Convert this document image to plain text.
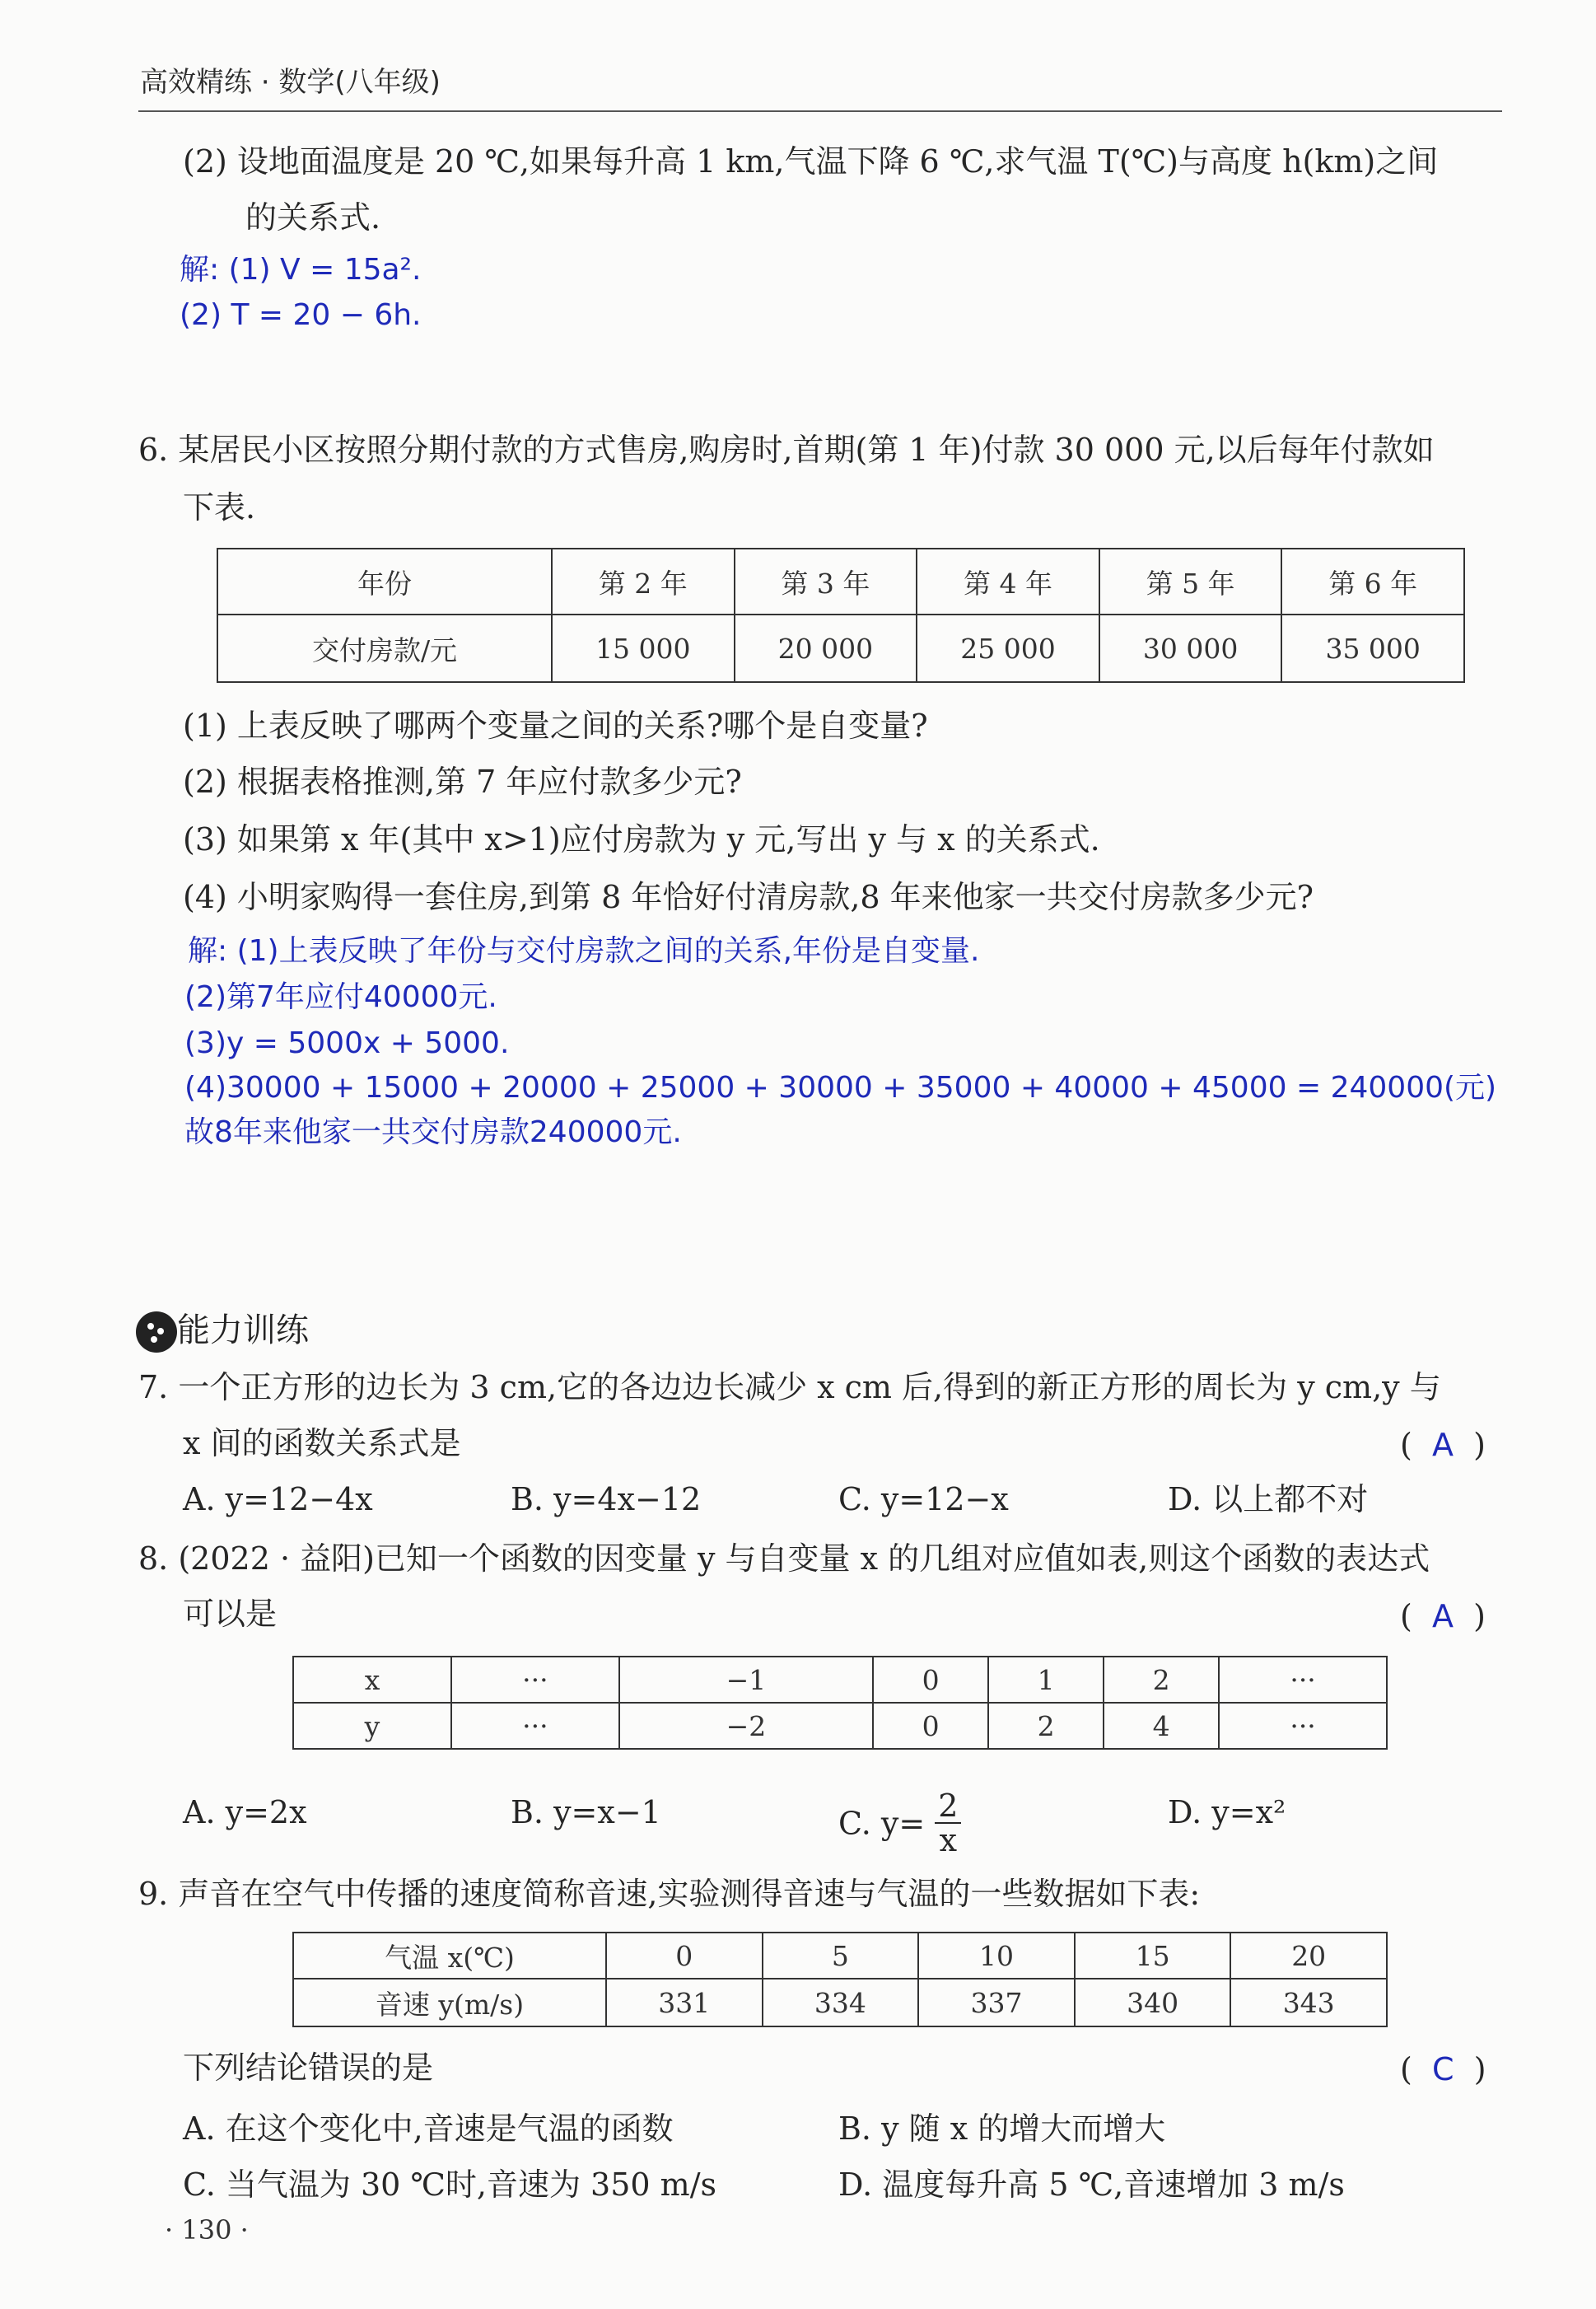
高效精练 · 数学(八年级)
(2) 设地面温度是 20 ℃,如果每升高 1 km,气温下降 6 ℃,求气温 T(℃)与高度 h(km)之间
的关系式.
解: (1) V = 15a².
(2) T = 20 − 6h.
6. 某居民小区按照分期付款的方式售房,购房时,首期(第 1 年)付款 30 000 元,以后每年付款如
下表.
年份	第 2 年	第 3 年	第 4 年	第 5 年	第 6 年
交付房款/元	15 000	20 000	25 000	30 000	35 000
(1) 上表反映了哪两个变量之间的关系?哪个是自变量?
(2) 根据表格推测,第 7 年应付款多少元?
(3) 如果第 x 年(其中 x>1)应付房款为 y 元,写出 y 与 x 的关系式.
(4) 小明家购得一套住房,到第 8 年恰好付清房款,8 年来他家一共交付房款多少元?
解: (1)上表反映了年份与交付房款之间的关系,年份是自变量.
(2)第7年应付40000元.
(3)y = 5000x + 5000.
(4)30000 + 15000 + 20000 + 25000 + 30000 + 35000 + 40000 + 45000 = 240000(元)
故8年来他家一共交付房款240000元.
能力训练
7. 一个正方形的边长为 3 cm,它的各边边长减少 x cm 后,得到的新正方形的周长为 y cm,y 与
x 间的函数关系式是	(  A  )
A. y=12−4x	B. y=4x−12	C. y=12−x	D. 以上都不对
8. (2022 · 益阳)已知一个函数的因变量 y 与自变量 x 的几组对应值如表,则这个函数的表达式
可以是	(  A  )
x	···	−1	0	1	2	···
y	···	−2	0	2	4	···
A. y=2x	B. y=x−1	C. $y= \frac{2}{x}$	D. y=x²
9. 声音在空气中传播的速度简称音速,实验测得音速与气温的一些数据如下表:
气温 x(℃)	0	5	10	15	20
音速 y(m/s)	331	334	337	340	343
下列结论错误的是	(  C  )
A. 在这个变化中,音速是气温的函数	B. y 随 x 的增大而增大
C. 当气温为 30 ℃时,音速为 350 m/s	D. 温度每升高 5 ℃,音速增加 3 m/s
· 130 ·
